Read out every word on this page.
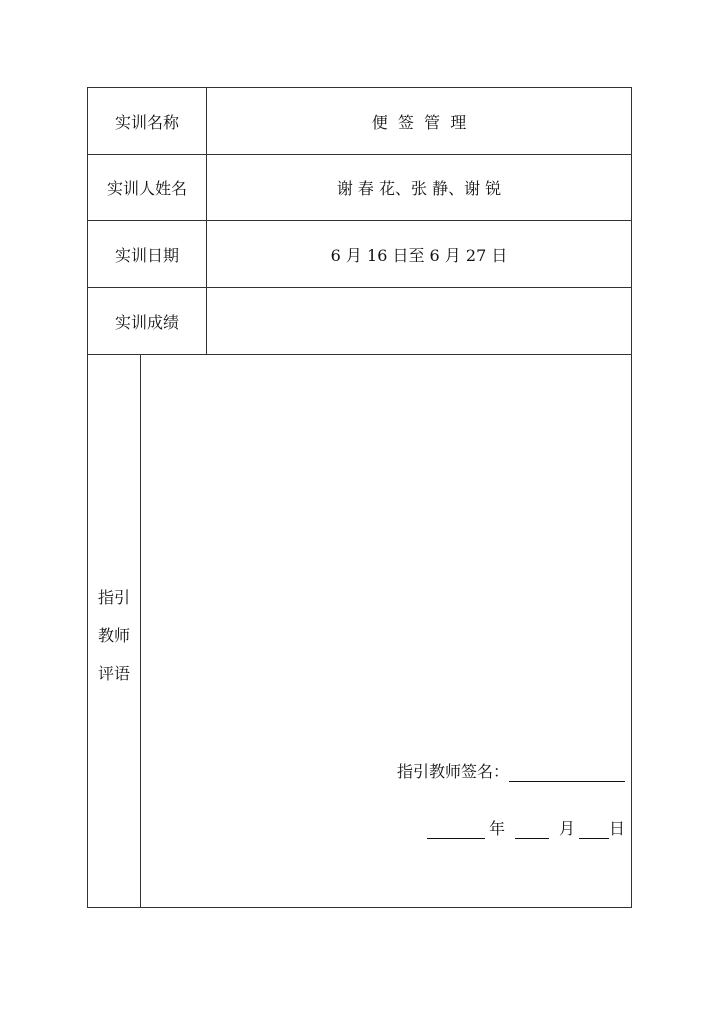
实训名称	便  签  管  理
实训人姓名	谢 春 花、张 静、谢 锐
实训日期	6 月 16 日至 6 月 27 日
实训成绩
指引
教师
评语
指引教师签名：
年	月 日
